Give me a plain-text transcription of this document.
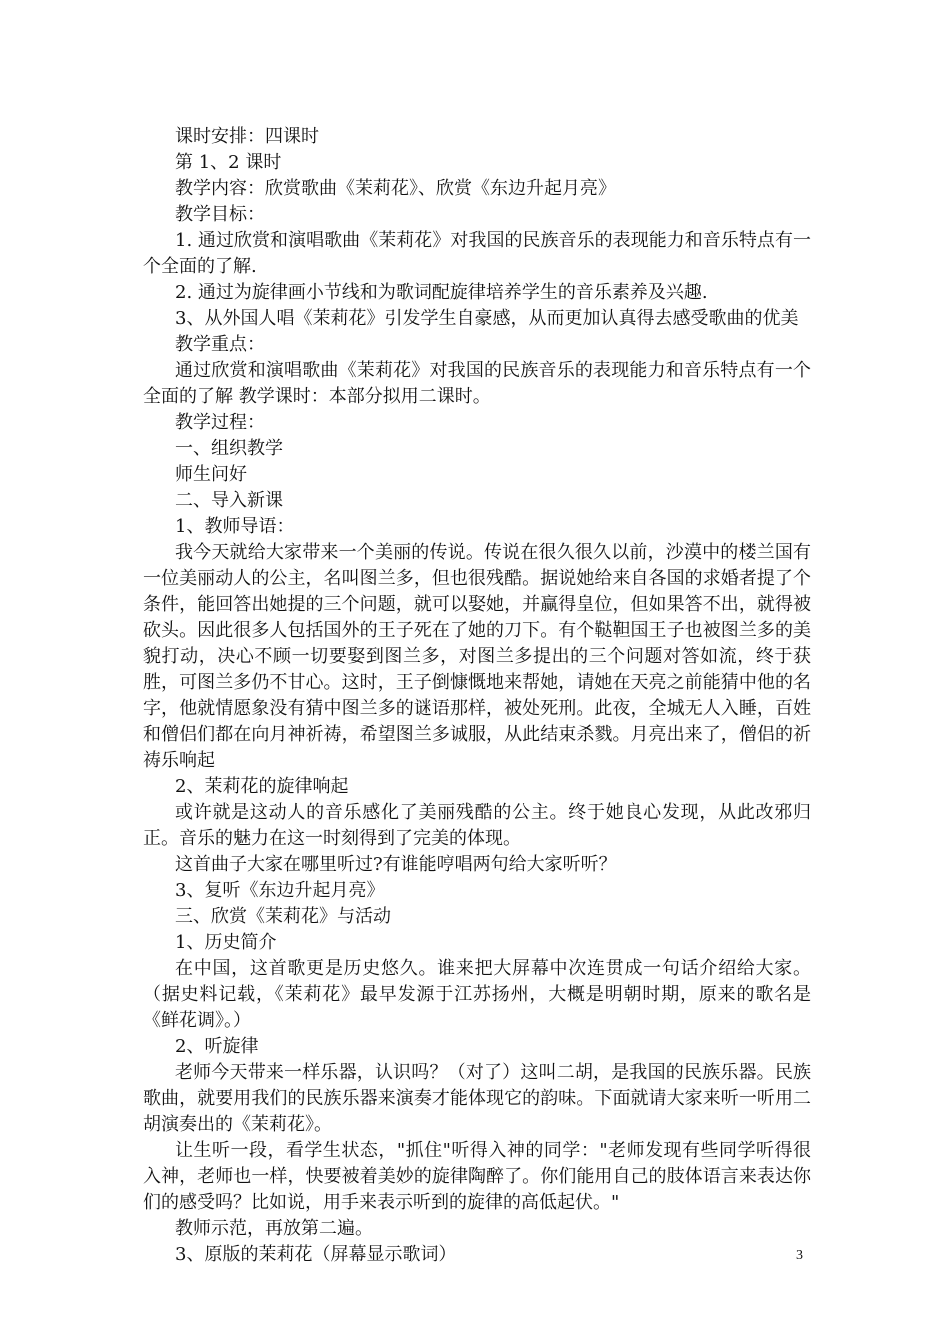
课时安排：四课时

第 1、2 课时

教学内容：欣赏歌曲《茉莉花》、欣赏《东边升起月亮》

教学目标：

1. 通过欣赏和演唱歌曲《茉莉花》对我国的民族音乐的表现能力和音乐特点有一个全面的了解.

2. 通过为旋律画小节线和为歌词配旋律培养学生的音乐素养及兴趣.

3、从外国人唱《茉莉花》引发学生自豪感，从而更加认真得去感受歌曲的优美

教学重点：

通过欣赏和演唱歌曲《茉莉花》对我国的民族音乐的表现能力和音乐特点有一个全面的了解 教学课时：本部分拟用二课时。

教学过程：

一、组织教学

师生问好

二、导入新课

1、教师导语：

我今天就给大家带来一个美丽的传说。传说在很久很久以前，沙漠中的楼兰国有一位美丽动人的公主，名叫图兰多，但也很残酷。据说她给来自各国的求婚者提了个条件，能回答出她提的三个问题，就可以娶她，并赢得皇位，但如果答不出，就得被砍头。因此很多人包括国外的王子死在了她的刀下。有个鞑靼国王子也被图兰多的美貌打动，决心不顾一切要娶到图兰多，对图兰多提出的三个问题对答如流，终于获胜，可图兰多仍不甘心。这时，王子倒慷慨地来帮她，请她在天亮之前能猜中他的名字，他就情愿象没有猜中图兰多的谜语那样，被处死刑。此夜，全城无人入睡，百姓和僧侣们都在向月神祈祷，希望图兰多诚服，从此结束杀戮。月亮出来了，僧侣的祈祷乐响起

2、茉莉花的旋律响起

或许就是这动人的音乐感化了美丽残酷的公主。终于她良心发现，从此改邪归正。音乐的魅力在这一时刻得到了完美的体现。

这首曲子大家在哪里听过?有谁能哼唱两句给大家听听？

3、复听《东边升起月亮》

三、欣赏《茉莉花》与活动

1、历史简介

在中国，这首歌更是历史悠久。谁来把大屏幕中次连贯成一句话介绍给大家。（据史料记载，《茉莉花》最早发源于江苏扬州，大概是明朝时期，原来的歌名是《鲜花调》。）

2、听旋律

老师今天带来一样乐器，认识吗？（对了）这叫二胡，是我国的民族乐器。民族歌曲，就要用我们的民族乐器来演奏才能体现它的韵味。下面就请大家来听一听用二胡演奏出的《茉莉花》。

让生听一段，看学生状态，"抓住"听得入神的同学："老师发现有些同学听得很入神，老师也一样，快要被着美妙的旋律陶醉了。你们能用自己的肢体语言来表达你们的感受吗？比如说，用手来表示听到的旋律的高低起伏。"

教师示范，再放第二遍。

3、原版的茉莉花（屏幕显示歌词）	3
